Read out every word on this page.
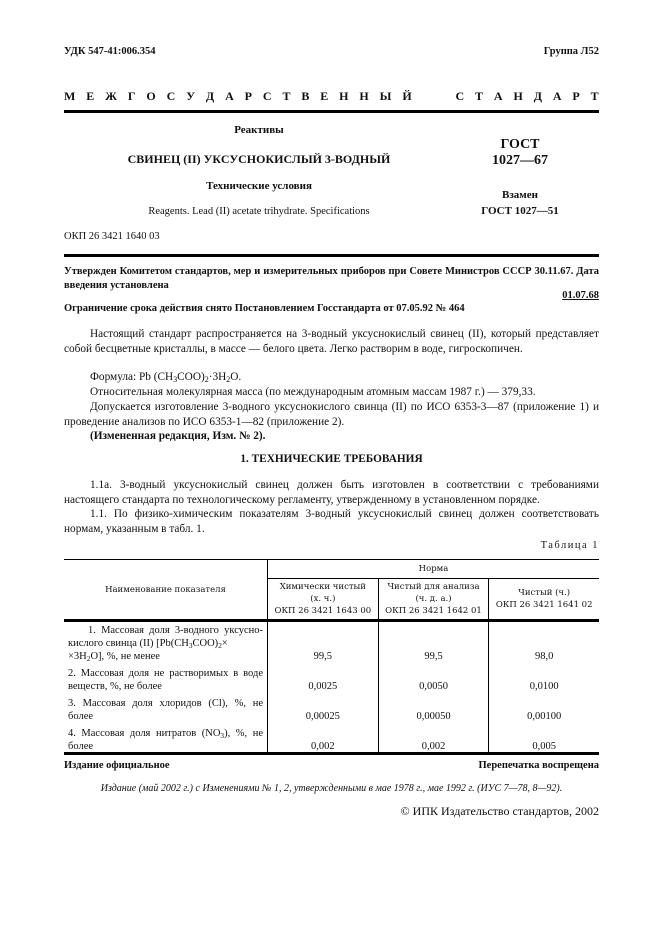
УДК 547-41:006.354	Группа Л52
М Е Ж Г О С У Д А Р С Т В Е Н Н Ы Й	С Т А Н Д А Р Т
Реактивы
СВИНЕЦ (II) УКСУСНОКИСЛЫЙ 3-ВОДНЫЙ
Технические условия
Reagents. Lead (II) acetate trihydrate. Specifications
ГОСТ
1027—67
Взамен
ГОСТ 1027—51
ОКП 26 3421 1640 03
Утвержден Комитетом стандартов, мер и измерительных приборов при Совете Министров СССР 30.11.67. Дата введения установлена
01.07.68
Ограничение срока действия снято Постановлением Госстандарта от 07.05.92 № 464
Настоящий стандарт распространяется на 3-водный уксуснокислый свинец (II), который представляет собой бесцветные кристаллы, в массе — белого цвета. Легко растворим в воде, гигроскопичен.
Формула: Pb $(CH_3COO)_2\cdot 3H_2O$.
Относительная молекулярная масса (по международным атомным массам 1987 г.) — 379,33.
Допускается изготовление 3-водного уксуснокислого свинца (II) по ИСО 6353-3—87 (приложение 1) и проведение анализов по ИСО 6353-1—82 (приложение 2).
(Измененная редакция, Изм. № 2).
1. ТЕХНИЧЕСКИЕ ТРЕБОВАНИЯ
1.1а. 3-водный уксуснокислый свинец должен быть изготовлен в соответствии с требованиями настоящего стандарта по технологическому регламенту, утвержденному в установленном порядке.
1.1. По физико-химическим показателям 3-водный уксуснокислый свинец должен соответствовать нормам, указанным в табл. 1.
Таблица 1
Наименование показателя	Норма		

Химически чистый
(х. ч.)
ОКП 26 3421 1643 00

Чистый для анализа
(ч. д. а.)
ОКП 26 3421 1642 01

Чистый (ч.)
ОКП 26 3421 1641 02

1. Массовая доля 3-водного уксусно-кислого свинца (II) [$Pb(CH_3COO)_2\times$
$\times 3H_2O$], %, не менее	99,5	99,5	98,0
2. Массовая доля не растворимых в воде веществ, %, не более	0,0025	0,0050	0,0100
3. Массовая доля хлоридов (Cl), %, не более	0,00025	0,00050	0,00100
4. Массовая доля нитратов $(NO_3)$, %, не более	0,002	0,002	0,005
Издание официальное	Перепечатка воспрещена
Издание (май 2002 г.) с Изменениями № 1, 2, утвержденными в мае 1978 г., мае 1992 г. (ИУС 7—78, 8—92).
© ИПК Издательство стандартов, 2002
